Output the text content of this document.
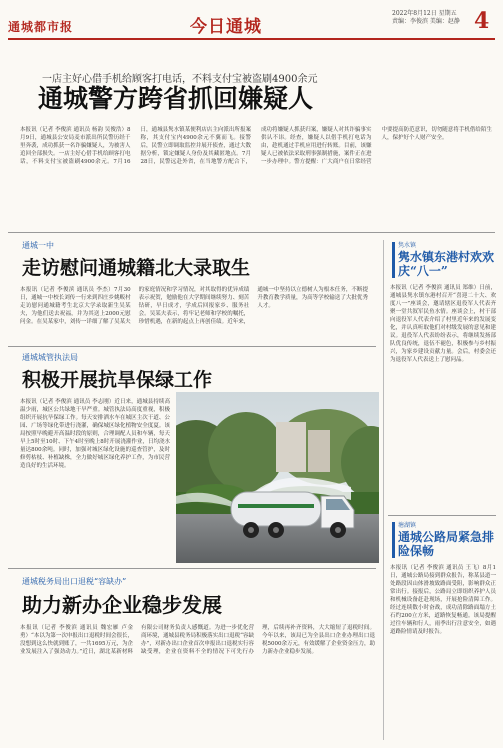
通城都市报	今日通城
2022年8月12日 星期五
责编：李俊滨 美编：赵静 4
一店主好心借手机给顾客打电话，不料支付宝被盗刷4900余元
通城警方跨省抓回嫌疑人
本报讯（记者 李俊滨 通讯员 杨韵 吴俊浩）8月9日，通城县公安局麦市派出所民警历经千里奔袭，成功抓获一名诈骗嫌疑人，为被害人追回全部损失。一店主好心借手机给顾客打电话，不料支付宝被盗刷4900余元。7月16日，通城县隽水镇某便利店店主向派出所报案称，其支付宝内4900余元不翼而飞。接警后，民警立即调取监控并展开侦查，通过大数据分析，锁定嫌疑人身份及其藏匿地点。7月28日，民警远赴外省，在当地警方配合下，成功将嫌疑人抓获归案，嫌疑人对其诈骗事实供认不讳。经查，嫌疑人以借手机打电话为由，趁机通过手机应用进行转账。目前，该嫌疑人已被依法采取刑事强制措施，案件正在进一步办理中。警方提醒：广大商户在日常经营中要提高防范意识，切勿随意将手机借给陌生人，保护好个人财产安全。
通城一中
走访慰问通城籍北大录取生
本报讯（记者 李俊滨 通讯员 李杰）7月30日，通城一中校长刘传一行来到四庄乡姚畈村走访慰问通城籍考生北京大学录取新生吴某夫，为他们送去祝福，并为其送上2000元慰问金。在吴某家中，刘传一详细了解了吴某夫的家庭情况和学习情况，对其取得的优异成绩表示祝贺，勉励他在大学期间继续努力、刻苦钻研，早日成才，学成后回报家乡、服务社会。吴某夫表示，将牢记老师和学校的嘱托，珍惜机遇，在新的起点上再创佳绩。近年来，通城一中坚持以立德树人为根本任务，不断提升教育教学质量，为高等学校输送了大批优秀人才。
通城城管执法局
积极开展抗旱保绿工作
本报讯（记者 李俊滨 通讯员 李志刚）近日来，通城县持续高温少雨，城区公共绿地干旱严重。城管执法局高度重视，积极组织开展抗旱保绿工作。每天安排洒水车在城区主次干道、公园、广场等绿化带进行浇灌，确保城区绿化植物安全度夏。该局按照早晚避开高温时段的原则，合理调配人员和车辆，每天早上5时至10时、下午4时至晚上8时开展浇灌作业，日均浇水量达800余吨。同时，加强对城区绿化设施的巡查管护，及时修剪枯枝、补植缺株，全力做好城区绿化养护工作，为市民营造良好的生活环境。
通城税务局出口退税“容缺办”
助力新办企业稳步发展
本报讯（记者 李俊滨 通讯员 魏宏雁 卢金勇）“本以为第一次申报出口退税时间会很长，没想到这么快就到账了，一共1695万元，为企业发展注入了强劲动力。”近日，湖北某新材料有限公司财务负责人感慨道。为进一步优化营商环境，通城县税务局积极落实出口退税“容缺办”，对新办出口企业首次申报出口退税实行容缺受理，企业在资料不全的情况下可先行办理，后续再补齐资料，大大缩短了退税时间。今年以来，该局已为全县出口企业办理出口退税5000余万元，有效缓解了企业资金压力，助力新办企业稳步发展。
隽水镇
隽水镇东港村欢欢庆“八一”
本报讯（记者 李俊滨 通讯员 郑维）日前，通城县隽水镇东港村召开“喜迎二十大、欢度八一”座谈会，邀请辖区退役军人代表齐聚一堂共叙军民鱼水情。座谈会上，村干部向退役军人代表介绍了村里近年来的发展变化，并认真听取他们对村级发展的意见和建议。退役军人代表纷纷表示，将继续发扬部队优良传统，退伍不褪色，积极参与乡村振兴，为家乡建设贡献力量。会后，村委会还为退役军人代表送上了慰问品。
塘湖镇
通城公路局紧急排险保畅
本报讯（记者 李俊滨 通讯员 王飞）8月1日，通城公路局接到群众报告，称某县道一处路段因山体滑坡致路面受阻，影响群众正常出行。接报后，公路局立即组织养护人员和机械设备赶赴现场，开展抢险清障工作。经过连续数小时奋战，成功清除路面塌方土石约200立方米，道路恢复畅通。该局提醒过往车辆和行人，雨季出行注意安全，如遇道路险情请及时报告。
